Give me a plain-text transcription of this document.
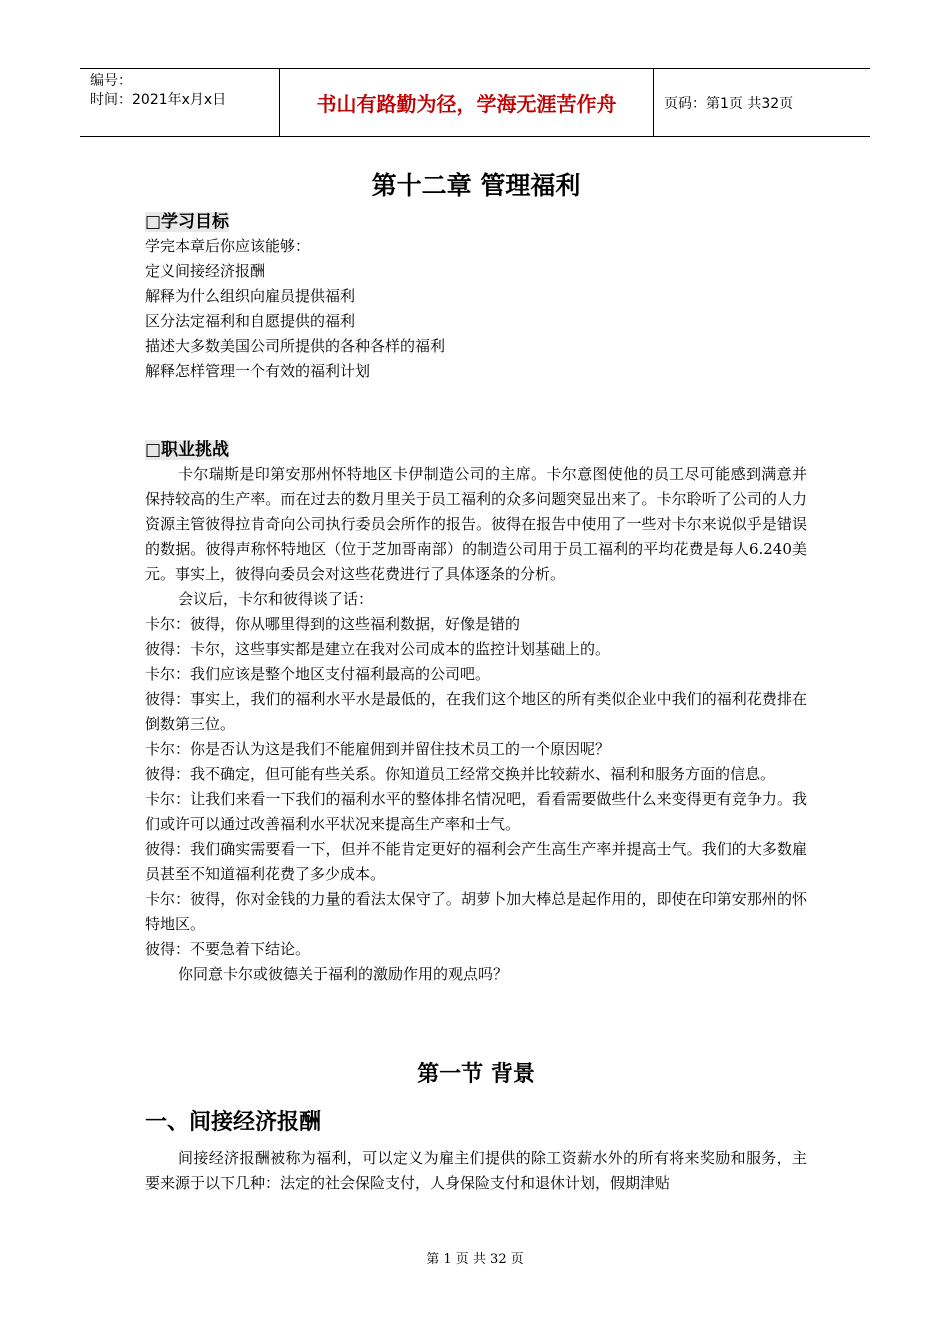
编号：
时间：2021年x月x日	书山有路勤为径，学海无涯苦作舟	页码：第1页 共32页
第十二章 管理福利
□学习目标
学完本章后你应该能够：
定义间接经济报酬
解释为什么组织向雇员提供福利
区分法定福利和自愿提供的福利
描述大多数美国公司所提供的各种各样的福利
解释怎样管理一个有效的福利计划
□职业挑战
卡尔瑞斯是印第安那州怀特地区卡伊制造公司的主席。卡尔意图使他的员工尽可能感到满意并保持较高的生产率。而在过去的数月里关于员工福利的众多问题突显出来了。卡尔聆听了公司的人力资源主管彼得拉肯奇向公司执行委员会所作的报告。彼得在报告中使用了一些对卡尔来说似乎是错误的数据。彼得声称怀特地区（位于芝加哥南部）的制造公司用于员工福利的平均花费是每人6.240美元。事实上，彼得向委员会对这些花费进行了具体逐条的分析。
会议后，卡尔和彼得谈了话：
卡尔：彼得，你从哪里得到的这些福利数据，好像是错的
彼得：卡尔，这些事实都是建立在我对公司成本的监控计划基础上的。
卡尔：我们应该是整个地区支付福利最高的公司吧。
彼得：事实上，我们的福利水平水是最低的，在我们这个地区的所有类似企业中我们的福利花费排在倒数第三位。
卡尔：你是否认为这是我们不能雇佣到并留住技术员工的一个原因呢？
彼得：我不确定，但可能有些关系。你知道员工经常交换并比较薪水、福利和服务方面的信息。
卡尔：让我们来看一下我们的福利水平的整体排名情况吧，看看需要做些什么来变得更有竞争力。我们或许可以通过改善福利水平状况来提高生产率和士气。
彼得：我们确实需要看一下，但并不能肯定更好的福利会产生高生产率并提高士气。我们的大多数雇员甚至不知道福利花费了多少成本。
卡尔：彼得，你对金钱的力量的看法太保守了。胡萝卜加大棒总是起作用的，即使在印第安那州的怀特地区。
彼得：不要急着下结论。
你同意卡尔或彼德关于福利的激励作用的观点吗？
第一节 背景
一、间接经济报酬
间接经济报酬被称为福利，可以定义为雇主们提供的除工资薪水外的所有将来奖励和服务，主要来源于以下几种：法定的社会保险支付，人身保险支付和退休计划，假期津贴
第 1 页 共 32 页
